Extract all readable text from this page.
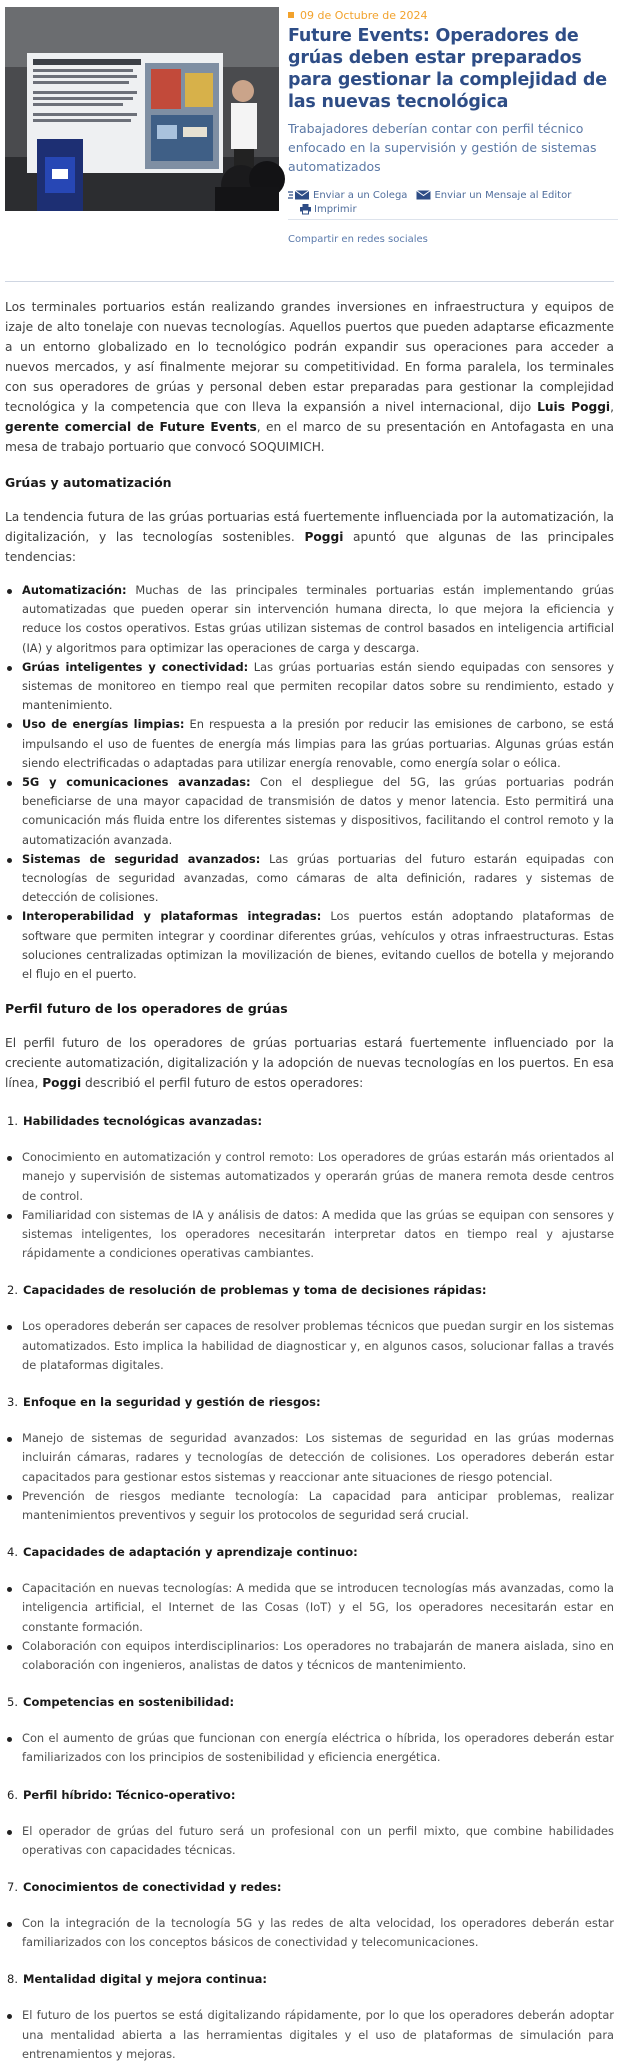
09 de Octubre de 2024
Future Events: Operadores de grúas deben estar preparados para gestionar la complejidad de las nuevas tecnológica
Trabajadores deberían contar con perfil técnico enfocado en la supervisión y gestión de sistemas automatizados
Enviar a un Colega	Enviar un Mensaje al Editor
Imprimir
Compartir en redes sociales

Los terminales portuarios están realizando grandes inversiones en infraestructura y equipos de izaje de alto tonelaje con nuevas tecnologías. Aquellos puertos que pueden adaptarse eficazmente a un entorno globalizado en lo tecnológico podrán expandir sus operaciones para acceder a nuevos mercados, y así finalmente mejorar su competitividad. En forma paralela, los terminales con sus operadores de grúas y personal deben estar preparadas para gestionar la complejidad tecnológica y la competencia que con lleva la expansión a nivel internacional, dijo Luis Poggi, gerente comercial de Future Events, en el marco de su presentación en Antofagasta en una mesa de trabajo portuario que convocó SOQUIMICH.

Grúas y automatización

La tendencia futura de las grúas portuarias está fuertemente influenciada por la automatización, la digitalización, y las tecnologías sostenibles. Poggi apuntó que algunas de las principales tendencias:

Automatización: Muchas de las principales terminales portuarias están implementando grúas automatizadas que pueden operar sin intervención humana directa, lo que mejora la eficiencia y reduce los costos operativos. Estas grúas utilizan sistemas de control basados en inteligencia artificial (IA) y algoritmos para optimizar las operaciones de carga y descarga.
Grúas inteligentes y conectividad: Las grúas portuarias están siendo equipadas con sensores y sistemas de monitoreo en tiempo real que permiten recopilar datos sobre su rendimiento, estado y mantenimiento.
Uso de energías limpias: En respuesta a la presión por reducir las emisiones de carbono, se está impulsando el uso de fuentes de energía más limpias para las grúas portuarias. Algunas grúas están siendo electrificadas o adaptadas para utilizar energía renovable, como energía solar o eólica.
5G y comunicaciones avanzadas: Con el despliegue del 5G, las grúas portuarias podrán beneficiarse de una mayor capacidad de transmisión de datos y menor latencia. Esto permitirá una comunicación más fluida entre los diferentes sistemas y dispositivos, facilitando el control remoto y la automatización avanzada.
Sistemas de seguridad avanzados: Las grúas portuarias del futuro estarán equipadas con tecnologías de seguridad avanzadas, como cámaras de alta definición, radares y sistemas de detección de colisiones.
Interoperabilidad y plataformas integradas: Los puertos están adoptando plataformas de software que permiten integrar y coordinar diferentes grúas, vehículos y otras infraestructuras. Estas soluciones centralizadas optimizan la movilización de bienes, evitando cuellos de botella y mejorando el flujo en el puerto.
Perfil futuro de los operadores de grúas

El perfil futuro de los operadores de grúas portuarias estará fuertemente influenciado por la creciente automatización, digitalización y la adopción de nuevas tecnologías en los puertos. En esa línea, Poggi describió el perfil futuro de estos operadores:

1. Habilidades tecnológicas avanzadas:
Conocimiento en automatización y control remoto: Los operadores de grúas estarán más orientados al manejo y supervisión de sistemas automatizados y operarán grúas de manera remota desde centros de control.
Familiaridad con sistemas de IA y análisis de datos: A medida que las grúas se equipan con sensores y sistemas inteligentes, los operadores necesitarán interpretar datos en tiempo real y ajustarse rápidamente a condiciones operativas cambiantes.
2. Capacidades de resolución de problemas y toma de decisiones rápidas:
Los operadores deberán ser capaces de resolver problemas técnicos que puedan surgir en los sistemas automatizados. Esto implica la habilidad de diagnosticar y, en algunos casos, solucionar fallas a través de plataformas digitales.
3. Enfoque en la seguridad y gestión de riesgos:
Manejo de sistemas de seguridad avanzados: Los sistemas de seguridad en las grúas modernas incluirán cámaras, radares y tecnologías de detección de colisiones. Los operadores deberán estar capacitados para gestionar estos sistemas y reaccionar ante situaciones de riesgo potencial.
Prevención de riesgos mediante tecnología: La capacidad para anticipar problemas, realizar mantenimientos preventivos y seguir los protocolos de seguridad será crucial.
4. Capacidades de adaptación y aprendizaje continuo:
Capacitación en nuevas tecnologías: A medida que se introducen tecnologías más avanzadas, como la inteligencia artificial, el Internet de las Cosas (IoT) y el 5G, los operadores necesitarán estar en constante formación.
Colaboración con equipos interdisciplinarios: Los operadores no trabajarán de manera aislada, sino en colaboración con ingenieros, analistas de datos y técnicos de mantenimiento.
5. Competencias en sostenibilidad:
Con el aumento de grúas que funcionan con energía eléctrica o híbrida, los operadores deberán estar familiarizados con los principios de sostenibilidad y eficiencia energética.
6. Perfil híbrido: Técnico-operativo:
El operador de grúas del futuro será un profesional con un perfil mixto, que combine habilidades operativas con capacidades técnicas.
7. Conocimientos de conectividad y redes:
Con la integración de la tecnología 5G y las redes de alta velocidad, los operadores deberán estar familiarizados con los conceptos básicos de conectividad y telecomunicaciones.
8. Mentalidad digital y mejora continua:
El futuro de los puertos se está digitalizando rápidamente, por lo que los operadores deberán adoptar una mentalidad abierta a las herramientas digitales y el uso de plataformas de simulación para entrenamientos y mejoras.
